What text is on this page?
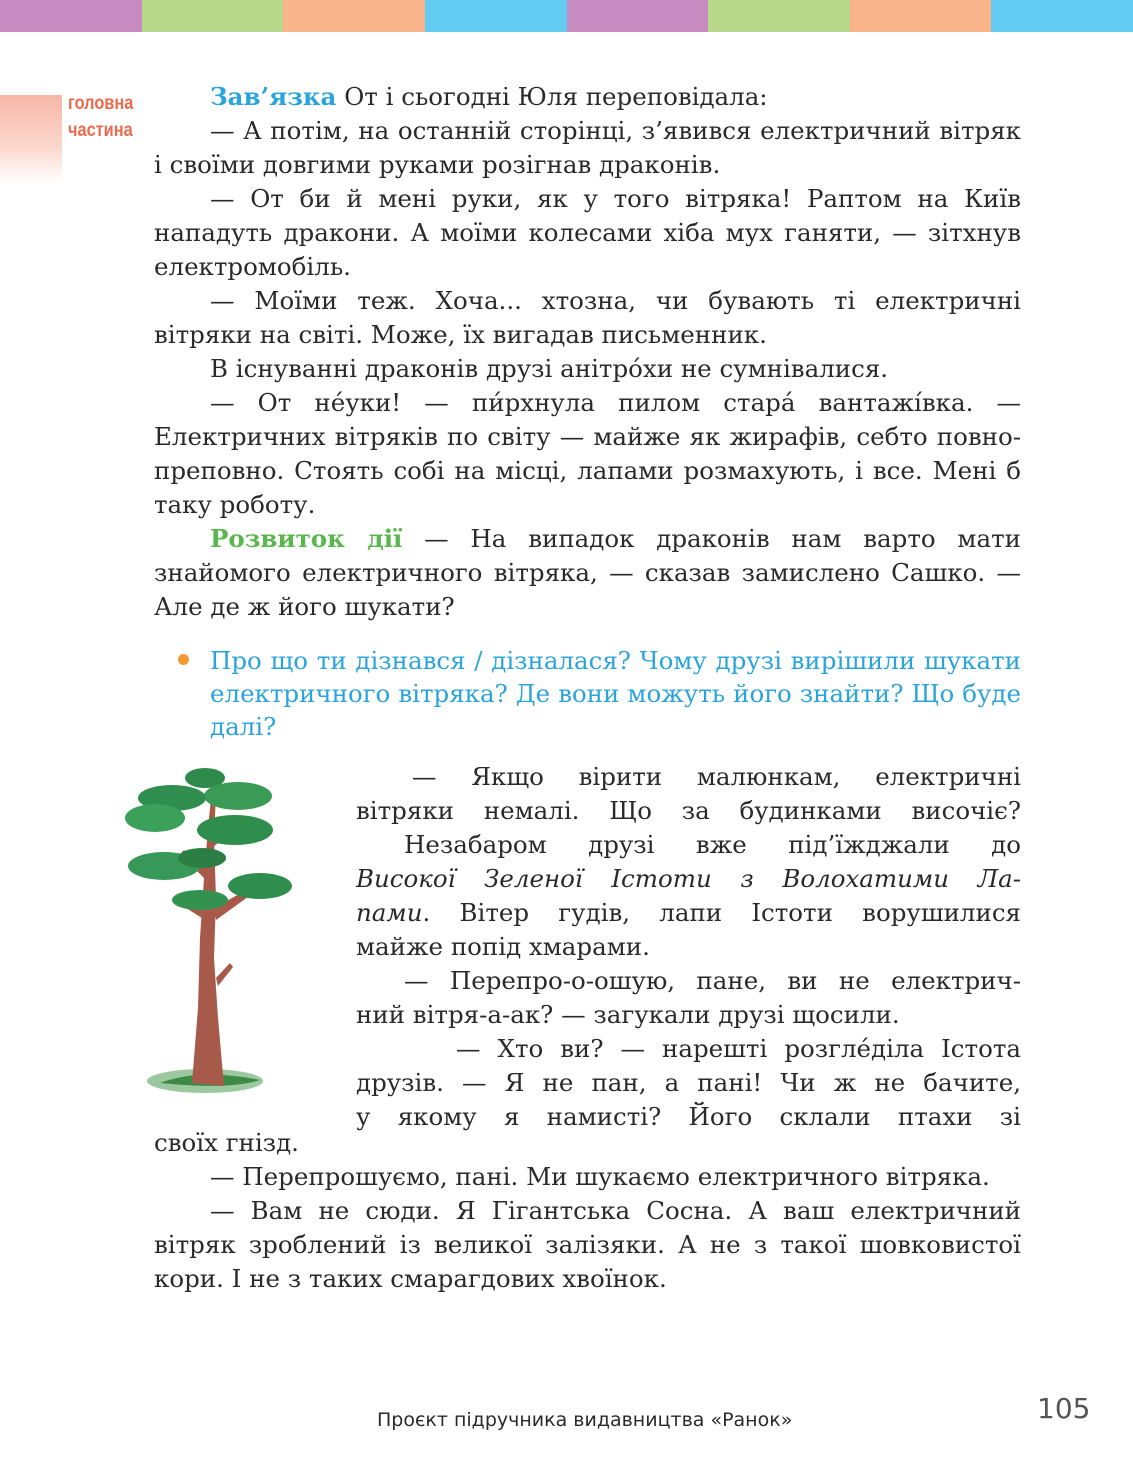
головна
частина

Зав’язка От і сьогодні Юля переповідала:

— А потім, на останній сторінці, з’явився електричний вітряк і своїми довгими руками розігнав драконів.

— От би й мені руки, як у того вітряка! Раптом на Київ нападуть дракони. А моїми колесами хіба мух ганяти, — зітхнув електромобіль.

— Моїми теж. Хоча... хтозна, чи бувають ті електричні вітряки на світі. Може, їх вигадав письменник.

В існуванні драконів друзі анітро́хи не сумнівалися.

— От не́уки! — пи́рхнула пилом стара́ вантажі́вка. — Електричних вітряків по світу — майже як жирафів, себто повно-преповно. Стоять собі на місці, лапами розмахують, і все. Мені б таку роботу.

Розвиток дії — На випадок драконів нам варто мати знайомого електричного вітряка, — сказав замислено Сашко. — Але де ж його шукати?

Про що ти дізнався / дізналася? Чому друзі вирішили шукати електричного вітряка? Де вони можуть його знайти? Що буде далі?

— Якщо вірити малюнкам, електричні

вітряки немалі. Що за будинками височіє?

Незабаром друзі вже під’їжджали до

Високої Зеленої Істоти з Волохатими Ла-

пами. Вітер гудів, лапи Істоти ворушилися

майже попід хмарами.

— Перепро-о-ошую, пане, ви не електрич-

ний вітря-а-ак? — загукали друзі щосили.

— Хто ви? — нарешті розгле́діла Істота

друзів. — Я не пан, а пані! Чи ж не бачите,

у якому я намисті? Його склали птахи зі

своїх гнізд.

— Перепрошуємо, пані. Ми шукаємо електричного вітряка.

— Вам не сюди. Я Гігантська Сосна. А ваш електричний вітряк зроблений із великої залізяки. А не з такої шовковистої кори. І не з таких смарагдових хвоїнок.

Проєкт підручника видавництва «Ранок»	105
